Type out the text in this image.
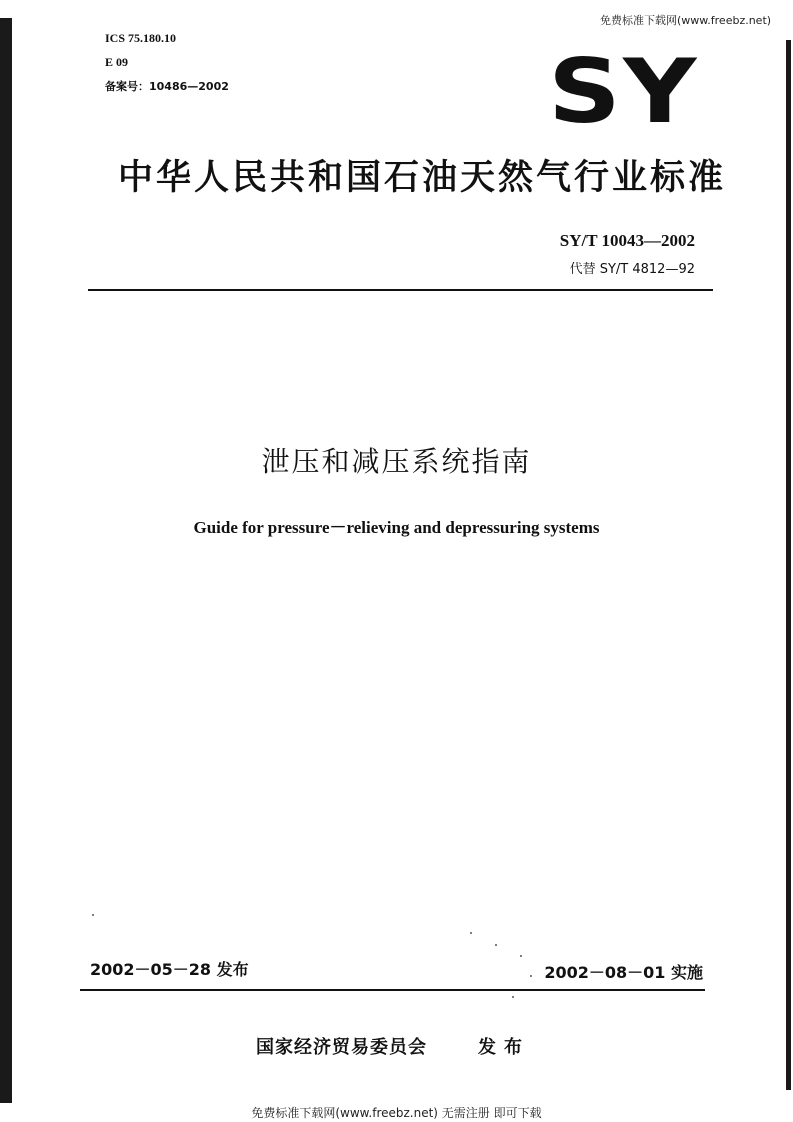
免费标准下载网(www.freebz.net)
ICS 75.180.10
E 09
备案号：10486—2002	SY
中华人民共和国石油天然气行业标准
SY/T 10043—2002
代替 SY/T 4812—92
泄压和减压系统指南
Guide for pressure－relieving and depressuring systems
2002－05－28 发布	2002－08－01 实施
国家经济贸易委员会	发布
免费标准下载网(www.freebz.net) 无需注册 即可下载
